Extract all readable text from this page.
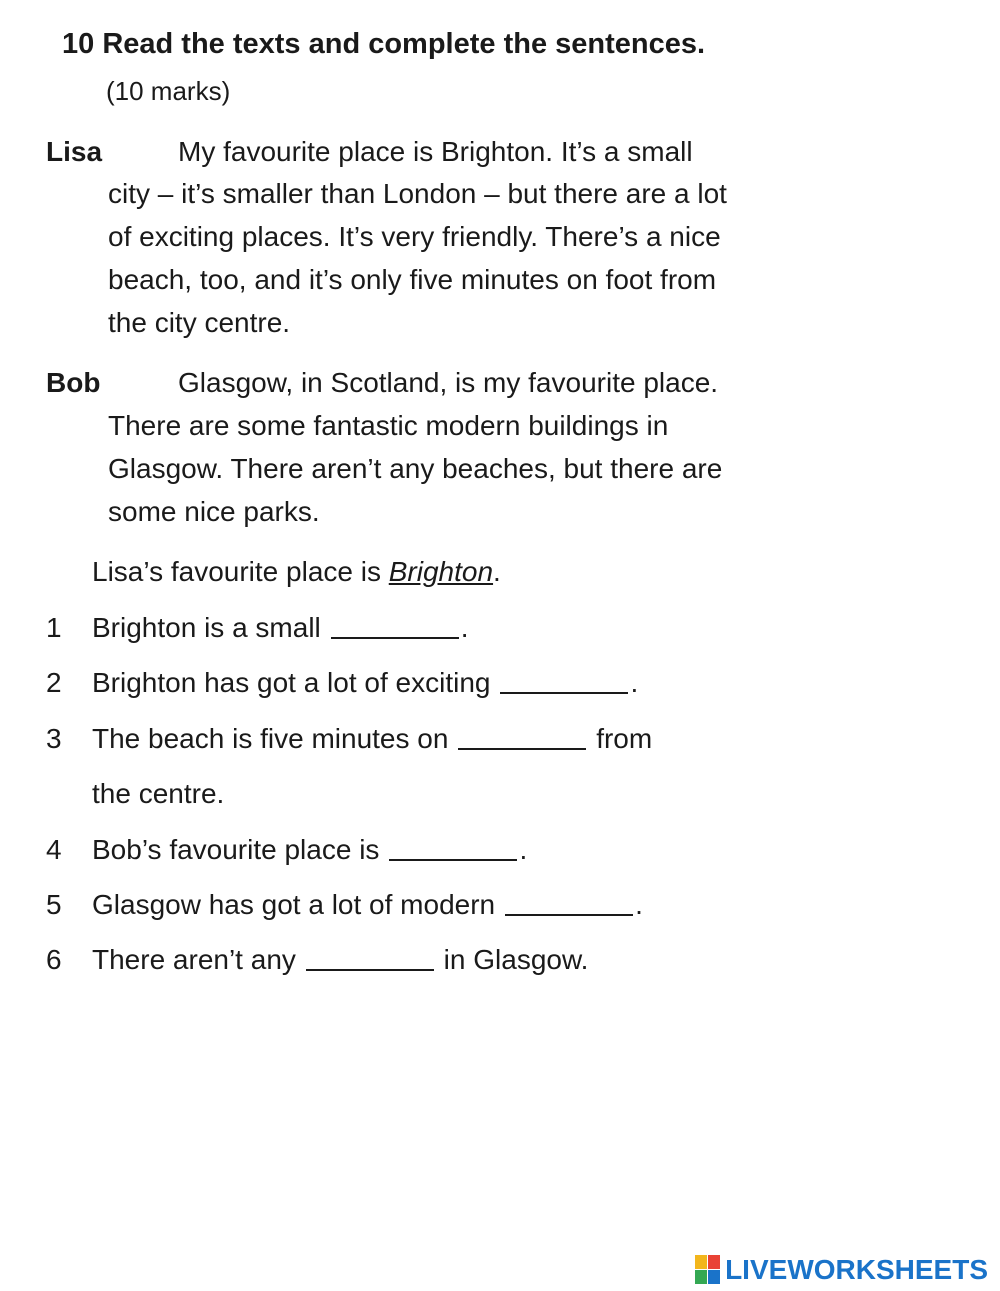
10 Read the texts and complete the sentences.
(10 marks)
Lisa	My favourite place is Brighton. It’s a small
city – it’s smaller than London – but there are a lot
of exciting places. It’s very friendly. There’s a nice
beach, too, and it’s only five minutes on foot from
the city centre.
Bob	Glasgow, in Scotland, is my favourite place.
There are some fantastic modern buildings in
Glasgow. There aren’t any beaches, but there are
some nice parks.
Lisa’s favourite place is Brighton.
1 Brighton is a small	.
2 Brighton has got a lot of exciting	.
3 The beach is five minutes on	from
the centre.
4 Bob’s favourite place is	.
5 Glasgow has got a lot of modern	.
6 There aren’t any	in Glasgow.
LIVEWORKSHEETS
